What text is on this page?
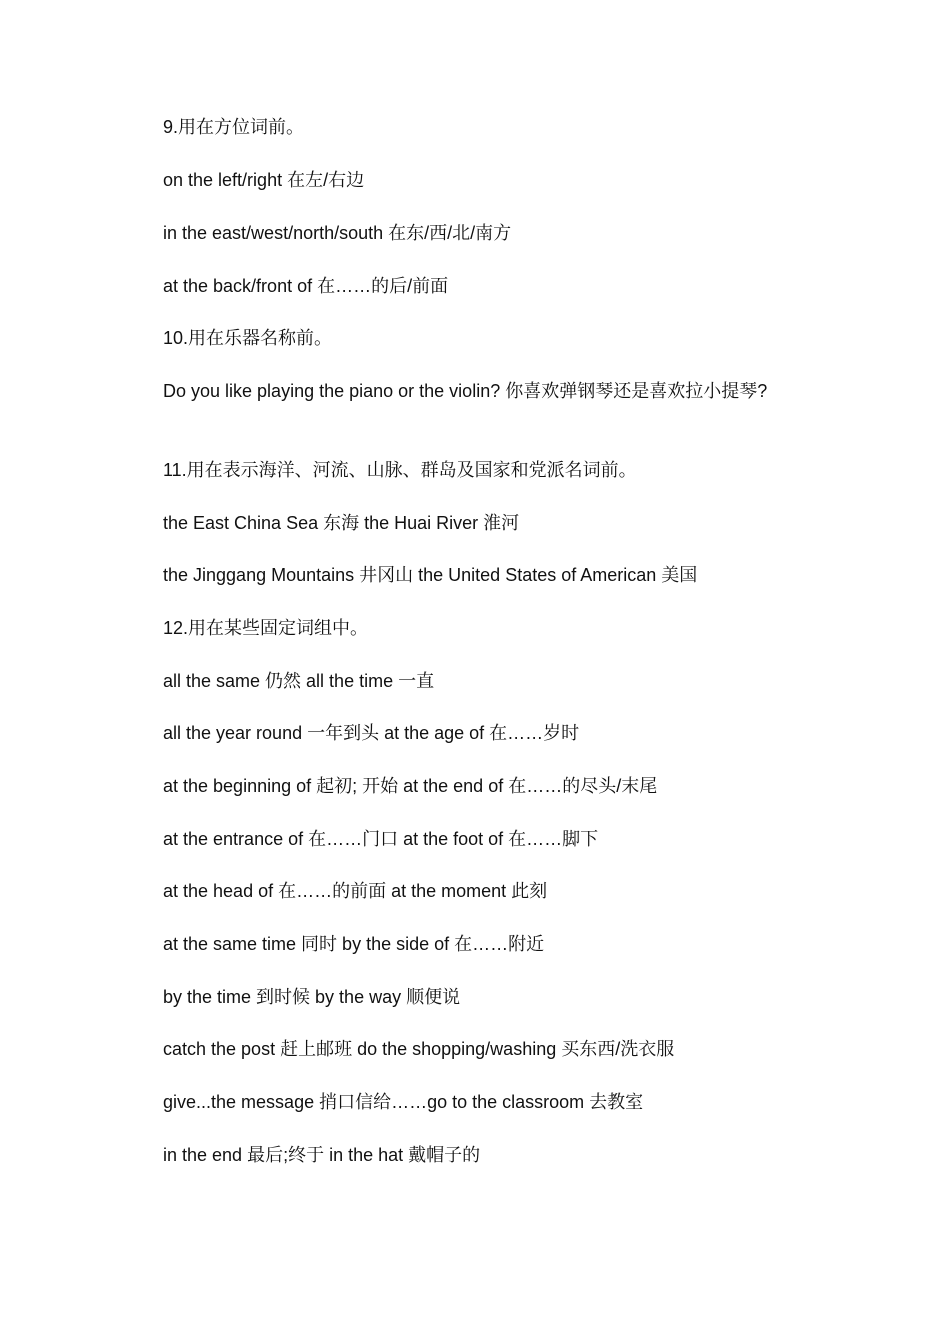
9.用在方位词前。
on the left/right 在左/右边
in the east/west/north/south 在东/西/北/南方
at the back/front of 在……的后/前面
10.用在乐器名称前。
Do you like playing the piano or the violin? 你喜欢弹钢琴还是喜欢拉小提琴?
11.用在表示海洋、河流、山脉、群岛及国家和党派名词前。
the East China Sea 东海 the Huai River 淮河
the Jinggang Mountains 井冈山 the United States of American 美国
12.用在某些固定词组中。
all the same 仍然 all the time 一直
all the year round 一年到头 at the age of 在……岁时
at the beginning of 起初; 开始 at the end of 在……的尽头/末尾
at the entrance of 在……门口 at the foot of 在……脚下
at the head of 在……的前面 at the moment 此刻
at the same time 同时 by the side of 在……附近
by the time 到时候 by the way 顺便说
catch the post 赶上邮班 do the shopping/washing 买东西/洗衣服
give...the message 捎口信给……go to the classroom 去教室
in the end 最后;终于 in the hat 戴帽子的
